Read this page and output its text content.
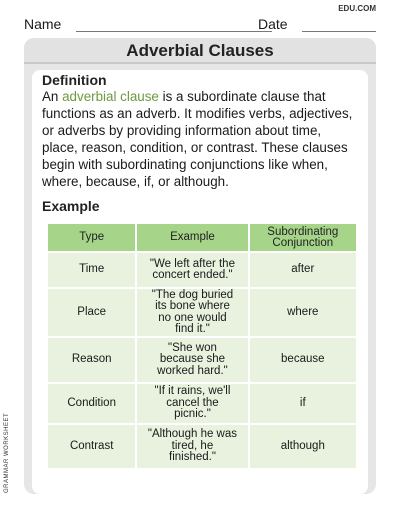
Name	Date
EDU.COM
Adverbial Clauses
Definition

An adverbial clause is a subordinate clause that functions as an adverb. It modifies verbs, adjectives, or adverbs by providing information about time, place, reason, condition, or contrast. These clauses begin with subordinating conjunctions like when, where, because, if, or although.

Example
Type	Example	Subordinating Conjunction
Time	"We left after the
concert ended."	after
Place	"The dog buried
its bone where
no one would
find it."	where
Reason	"She won
because she
worked hard."	because
Condition	"If it rains, we'll
cancel the
picnic."	if
Contrast	"Although he was
tired, he
finished."	although
GRAMMAR WORKSHEET
